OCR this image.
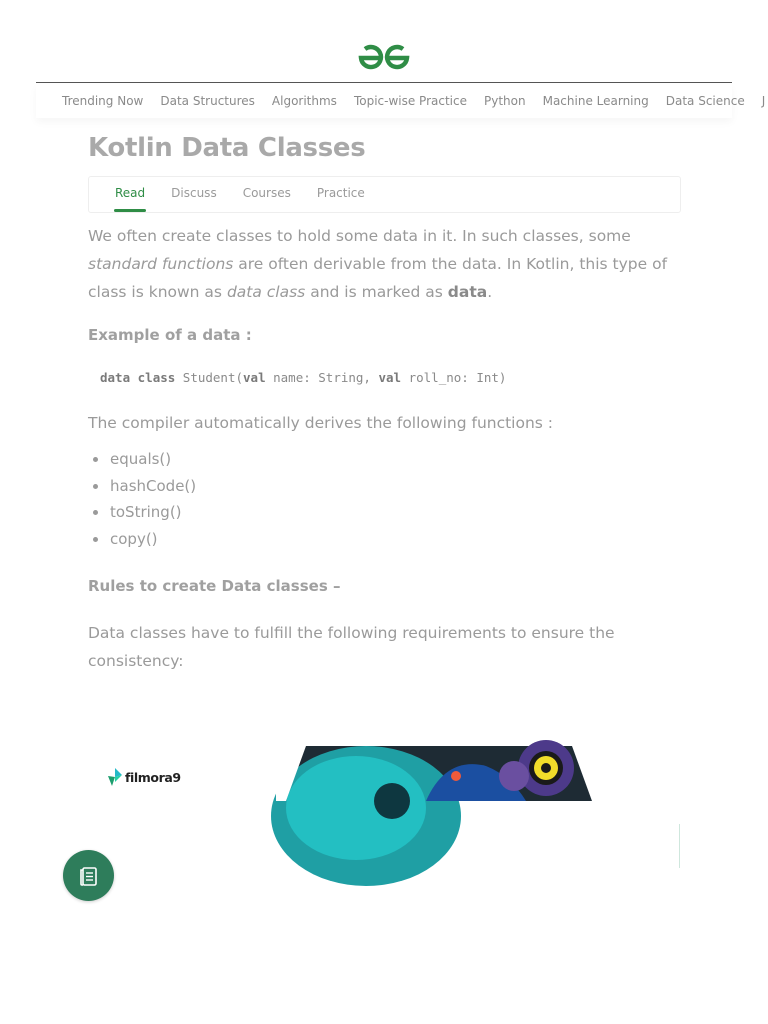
Trending Now Data Structures Algorithms Topic-wise Practice Python Machine Learning Data Science J
Kotlin Data Classes
Read Discuss Courses Practice

We often create classes to hold some data in it. In such classes, some standard functions are often derivable from the data. In Kotlin, this type of class is known as data class and is marked as data.

Example of a data :
data class Student(val name: String, val roll_no: Int)

The compiler automatically derives the following functions :

equals()
hashCode()
toString()
copy()
Rules to create Data classes –

Data classes have to fulfill the following requirements to ensure the consistency:

filmora9
